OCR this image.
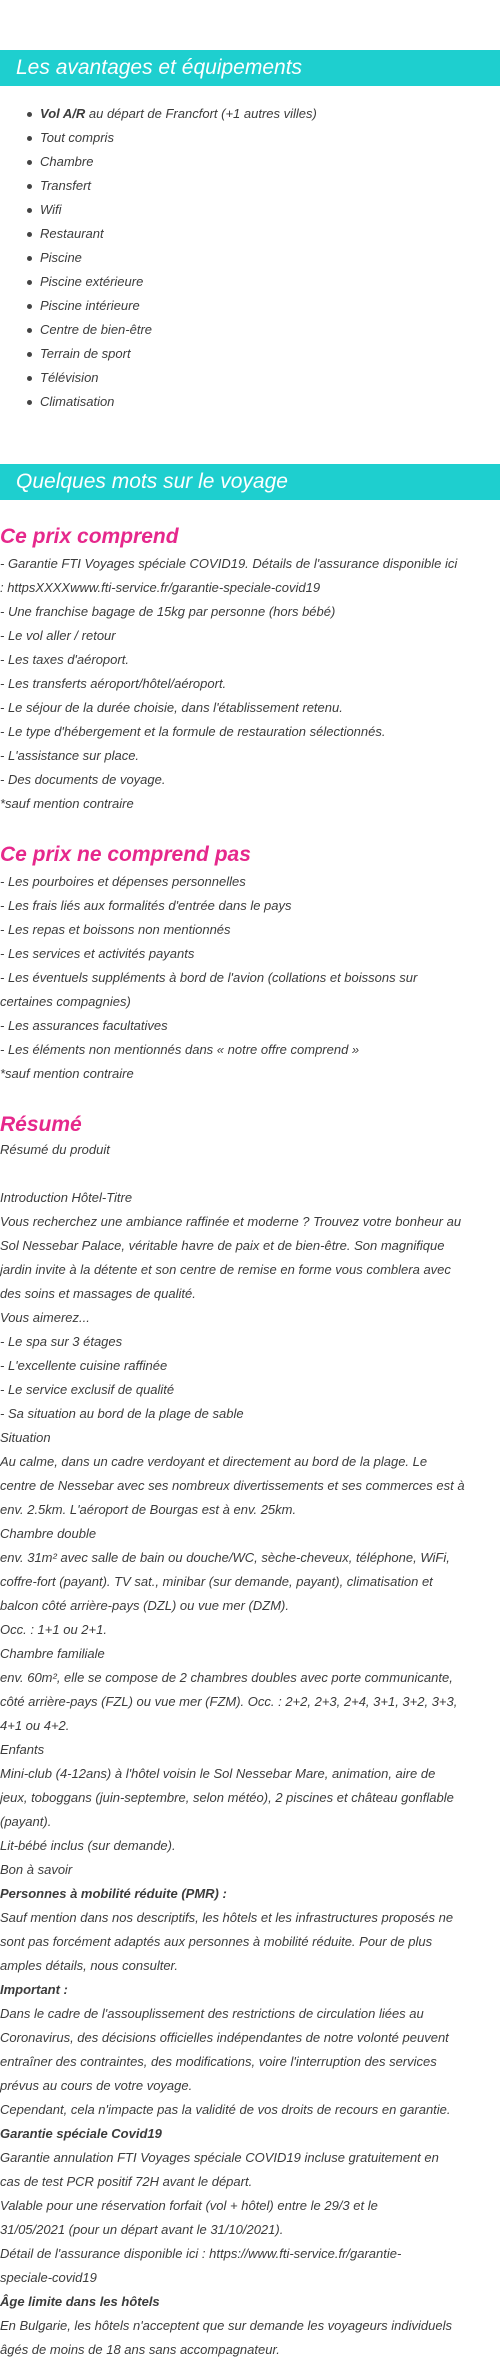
Les avantages et équipements
Vol A/R au départ de Francfort (+1 autres villes)
Tout compris
Chambre
Transfert
Wifi
Restaurant
Piscine
Piscine extérieure
Piscine intérieure
Centre de bien-être
Terrain de sport
Télévision
Climatisation
Quelques mots sur le voyage
Ce prix comprend
- Garantie FTI Voyages spéciale COVID19. Détails de l'assurance disponible ici
: httpsXXXXwww.fti-service.fr/garantie-speciale-covid19
- Une franchise bagage de 15kg par personne (hors bébé)
- Le vol aller / retour
- Les taxes d'aéroport.
- Les transferts aéroport/hôtel/aéroport.
- Le séjour de la durée choisie, dans l'établissement retenu.
- Le type d'hébergement et la formule de restauration sélectionnés.
- L'assistance sur place.
- Des documents de voyage.
*sauf mention contraire
Ce prix ne comprend pas
- Les pourboires et dépenses personnelles
- Les frais liés aux formalités d'entrée dans le pays
- Les repas et boissons non mentionnés
- Les services et activités payants
- Les éventuels suppléments à bord de l'avion (collations et boissons sur
certaines compagnies)
- Les assurances facultatives
- Les éléments non mentionnés dans « notre offre comprend »
*sauf mention contraire
Résumé
Résumé du produit
Introduction Hôtel-Titre
Vous recherchez une ambiance raffinée et moderne ? Trouvez votre bonheur au
Sol Nessebar Palace, véritable havre de paix et de bien-être. Son magnifique
jardin invite à la détente et son centre de remise en forme vous comblera avec
des soins et massages de qualité.
Vous aimerez...
- Le spa sur 3 étages
- L'excellente cuisine raffinée
- Le service exclusif de qualité
- Sa situation au bord de la plage de sable
Situation
Au calme, dans un cadre verdoyant et directement au bord de la plage. Le
centre de Nessebar avec ses nombreux divertissements et ses commerces est à
env. 2.5km. L'aéroport de Bourgas est à env. 25km.
Chambre double
env. 31m² avec salle de bain ou douche/WC, sèche-cheveux, téléphone, WiFi,
coffre-fort (payant). TV sat., minibar (sur demande, payant), climatisation et
balcon côté arrière-pays (DZL) ou vue mer (DZM).
Occ. : 1+1 ou 2+1.
Chambre familiale
env. 60m², elle se compose de 2 chambres doubles avec porte communicante,
côté arrière-pays (FZL) ou vue mer (FZM). Occ. : 2+2, 2+3, 2+4, 3+1, 3+2, 3+3,
4+1 ou 4+2.
Enfants
Mini-club (4-12ans) à l'hôtel voisin le Sol Nessebar Mare, animation, aire de
jeux, toboggans (juin-septembre, selon météo), 2 piscines et château gonflable
(payant).
Lit-bébé inclus (sur demande).
Bon à savoir
Personnes à mobilité réduite (PMR) :
Sauf mention dans nos descriptifs, les hôtels et les infrastructures proposés ne
sont pas forcément adaptés aux personnes à mobilité réduite. Pour de plus
amples détails, nous consulter.
Important :
Dans le cadre de l'assouplissement des restrictions de circulation liées au
Coronavirus, des décisions officielles indépendantes de notre volonté peuvent
entraîner des contraintes, des modifications, voire l'interruption des services
prévus au cours de votre voyage.
Cependant, cela n'impacte pas la validité de vos droits de recours en garantie.
Garantie spéciale Covid19
Garantie annulation FTI Voyages spéciale COVID19 incluse gratuitement en
cas de test PCR positif 72H avant le départ.
Valable pour une réservation forfait (vol + hôtel) entre le 29/3 et le
31/05/2021 (pour un départ avant le 31/10/2021).
Détail de l'assurance disponible ici : https://www.fti-service.fr/garantie-
speciale-covid19
Âge limite dans les hôtels
En Bulgarie, les hôtels n'acceptent que sur demande les voyageurs individuels
âgés de moins de 18 ans sans accompagnateur.
